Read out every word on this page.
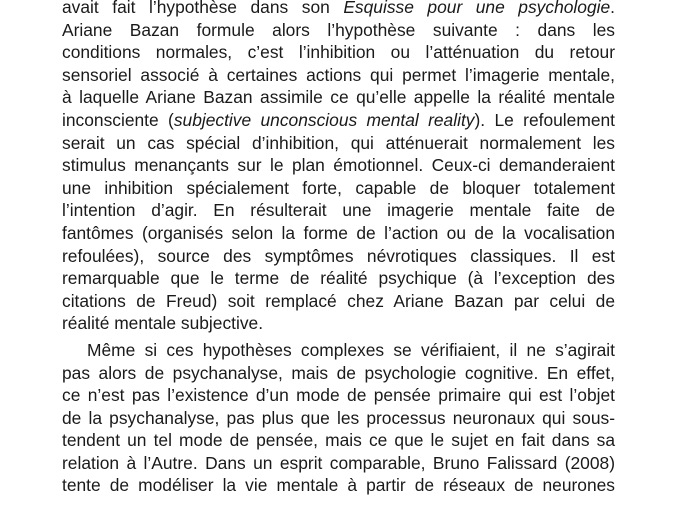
avait fait l’hypothèse dans son Esquisse pour une psychologie.
Ariane Bazan formule alors l’hypothèse suivante : dans les
conditions normales, c’est l’inhibition ou l’atténuation du retour
sensoriel associé à certaines actions qui permet l’imagerie mentale,
à laquelle Ariane Bazan assimile ce qu’elle appelle la réalité mentale
inconsciente (subjective unconscious mental reality). Le refoulement
serait un cas spécial d’inhibition, qui atténuerait normalement les
stimulus menançants sur le plan émotionnel. Ceux-ci demanderaient
une inhibition spécialement forte, capable de bloquer totalement
l’intention d’agir. En résulterait une imagerie mentale faite de
fantômes (organisés selon la forme de l’action ou de la vocalisation
refoulées), source des symptômes névrotiques classiques. Il est
remarquable que le terme de réalité psychique (à l’exception des
citations de Freud) soit remplacé chez Ariane Bazan par celui de
réalité mentale subjective.
Même si ces hypothèses complexes se vérifiaient, il ne s’agirait
pas alors de psychanalyse, mais de psychologie cognitive. En effet,
ce n’est pas l’existence d’un mode de pensée primaire qui est l’objet
de la psychanalyse, pas plus que les processus neuronaux qui sous-
tendent un tel mode de pensée, mais ce que le sujet en fait dans sa
relation à l’Autre. Dans un esprit comparable, Bruno Falissard (2008)
tente de modéliser la vie mentale à partir de réseaux de neurones
